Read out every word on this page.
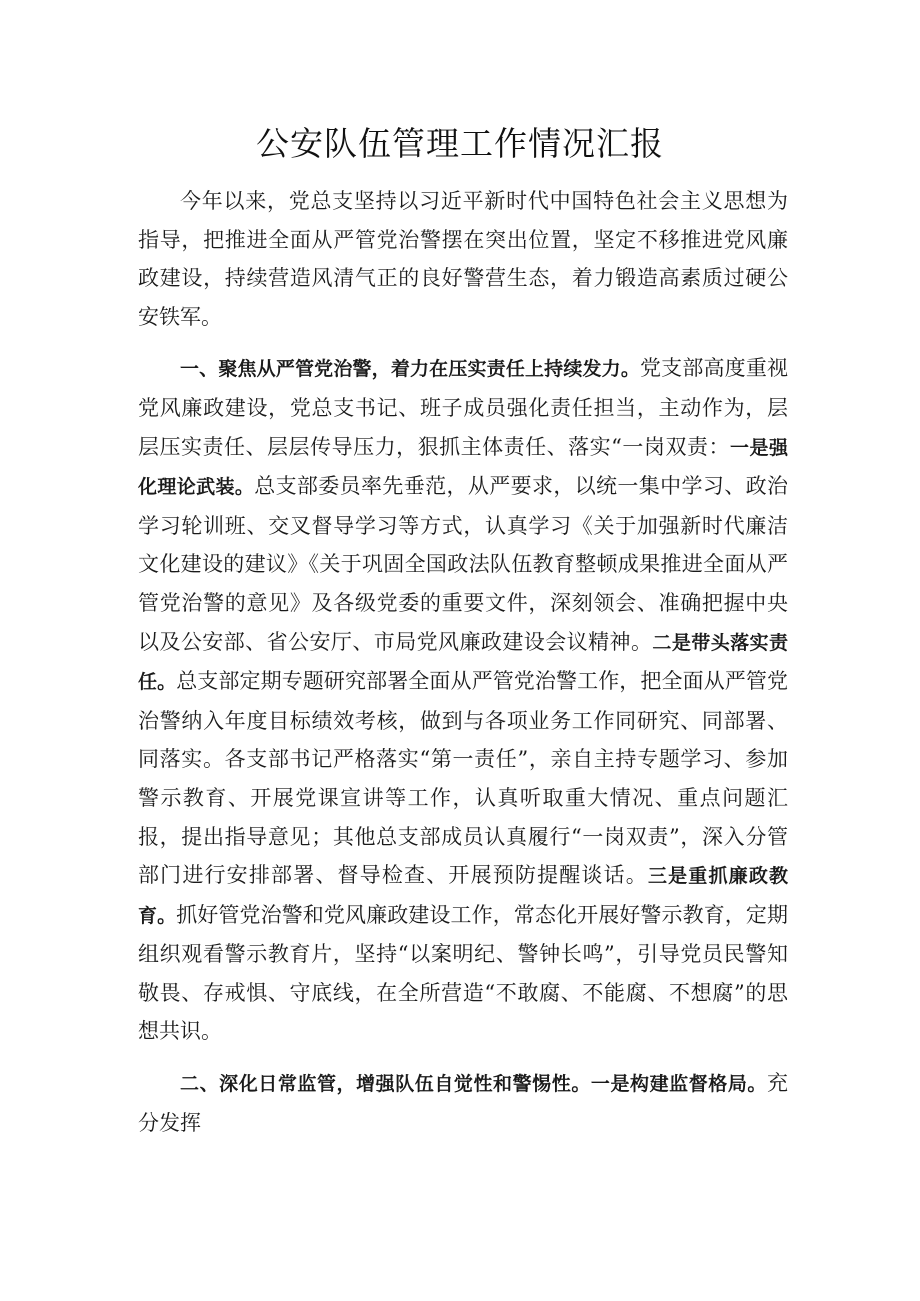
公安队伍管理工作情况汇报

今年以来，党总支坚持以习近平新时代中国特色社会主义思想为指导，把推进全面从严管党治警摆在突出位置，坚定不移推进党风廉政建设，持续营造风清气正的良好警营生态，着力锻造高素质过硬公安铁军。

一、聚焦从严管党治警，着力在压实责任上持续发力。党支部高度重视党风廉政建设，党总支书记、班子成员强化责任担当，主动作为，层层压实责任、层层传导压力，狠抓主体责任、落实“一岗双责：一是强化理论武装。总支部委员率先垂范，从严要求，以统一集中学习、政治学习轮训班、交叉督导学习等方式，认真学习《关于加强新时代廉洁文化建设的建议》《关于巩固全国政法队伍教育整顿成果推进全面从严管党治警的意见》及各级党委的重要文件，深刻领会、准确把握中央以及公安部、省公安厅、市局党风廉政建设会议精神。二是带头落实责任。总支部定期专题研究部署全面从严管党治警工作，把全面从严管党治警纳入年度目标绩效考核，做到与各项业务工作同研究、同部署、同落实。各支部书记严格落实“第一责任”，亲自主持专题学习、参加警示教育、开展党课宣讲等工作，认真听取重大情况、重点问题汇报，提出指导意见；其他总支部成员认真履行“一岗双责”，深入分管部门进行安排部署、督导检查、开展预防提醒谈话。三是重抓廉政教育。抓好管党治警和党风廉政建设工作，常态化开展好警示教育，定期组织观看警示教育片，坚持“以案明纪、警钟长鸣”，引导党员民警知敬畏、存戒惧、守底线，在全所营造“不敢腐、不能腐、不想腐”的思想共识。

二、深化日常监管，增强队伍自觉性和警惕性。一是构建监督格局。充分发挥
